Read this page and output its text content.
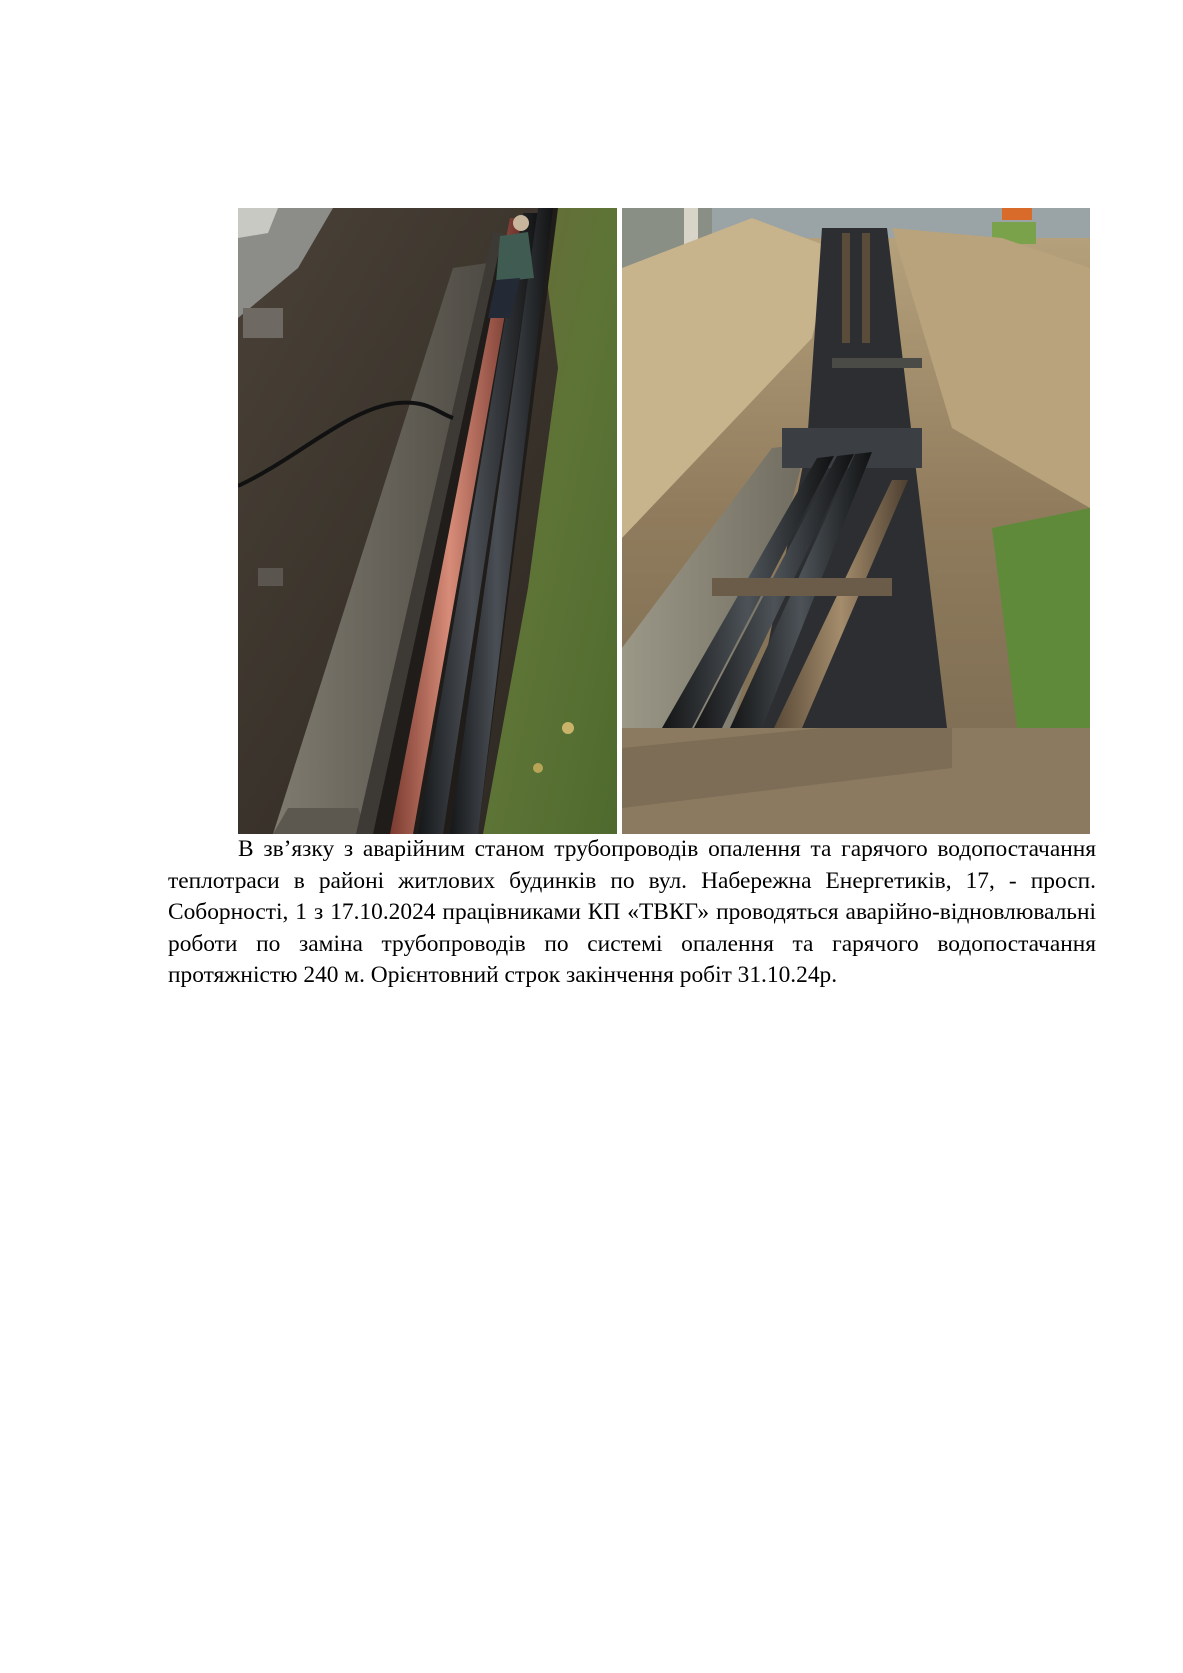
В зв’язку з аварійним станом трубопроводів опалення та гарячого водопостачання теплотраси в районі житлових будинків по вул. Набережна Енергетиків, 17, - просп. Соборності, 1 з 17.10.2024 працівниками КП «ТВКГ» проводяться аварійно-відновлювальні роботи по заміна трубопроводів по системі опалення та гарячого водопостачання протяжністю 240 м. Орієнтовний строк закінчення робіт 31.10.24р.
